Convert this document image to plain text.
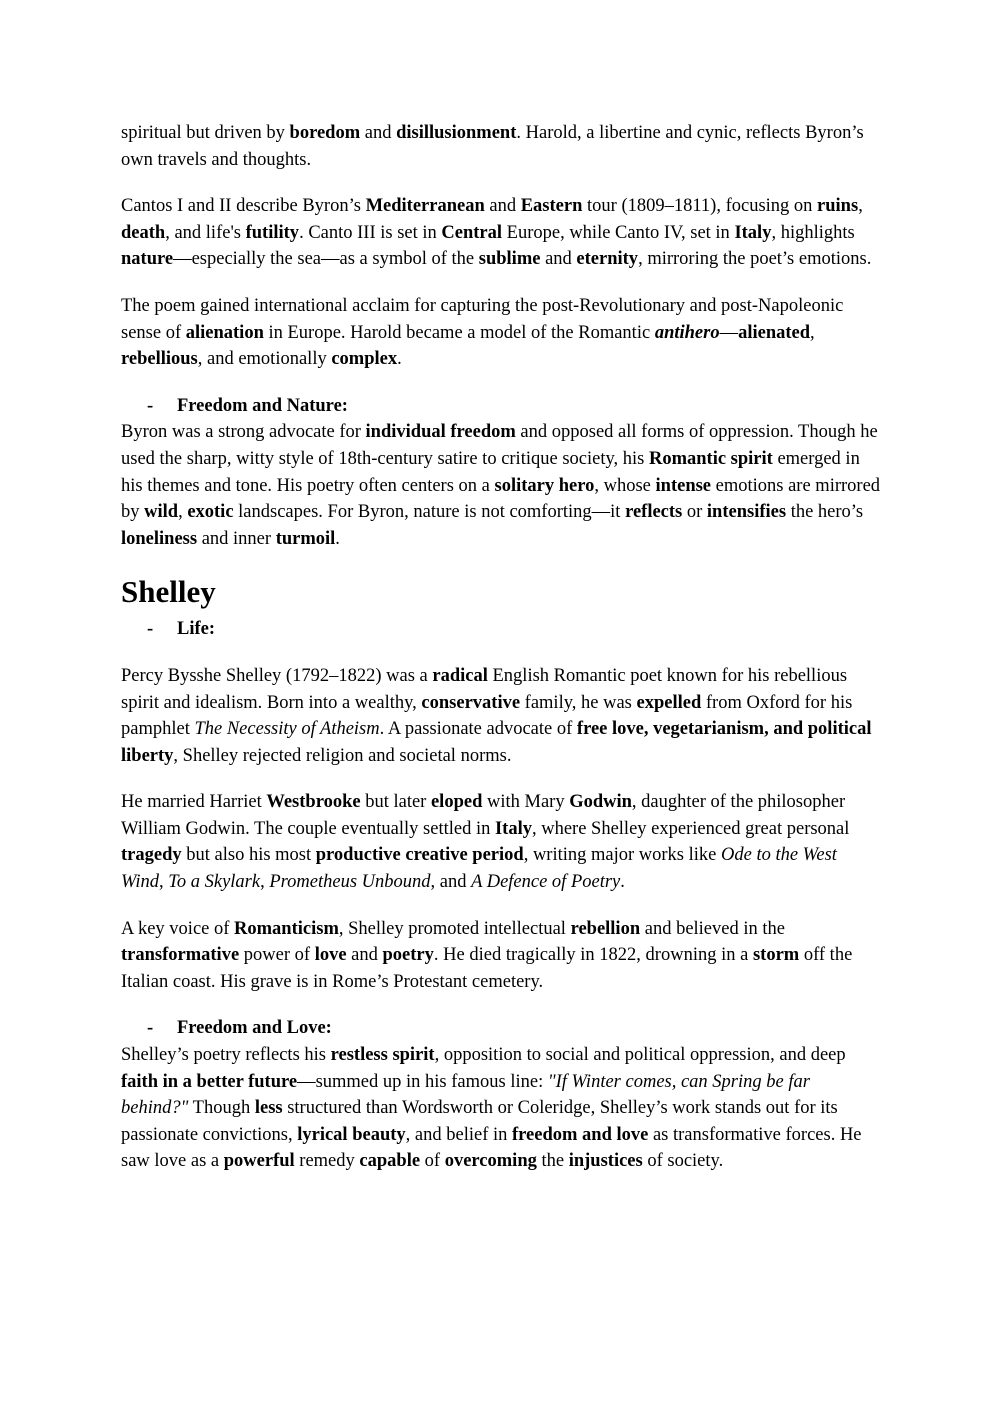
spiritual but driven by boredom and disillusionment. Harold, a libertine and cynic, reflects Byron’s own travels and thoughts.

Cantos I and II describe Byron’s Mediterranean and Eastern tour (1809–1811), focusing on ruins, death, and life's futility. Canto III is set in Central Europe, while Canto IV, set in Italy, highlights nature—especially the sea—as a symbol of the sublime and eternity, mirroring the poet’s emotions.

The poem gained international acclaim for capturing the post-Revolutionary and post-Napoleonic sense of alienation in Europe. Harold became a model of the Romantic antihero—alienated, rebellious, and emotionally complex.

- Freedom and Nature:

Byron was a strong advocate for individual freedom and opposed all forms of oppression. Though he used the sharp, witty style of 18th-century satire to critique society, his Romantic spirit emerged in his themes and tone. His poetry often centers on a solitary hero, whose intense emotions are mirrored by wild, exotic landscapes. For Byron, nature is not comforting—it reflects or intensifies the hero’s loneliness and inner turmoil.

Shelley
- Life:

Percy Bysshe Shelley (1792–1822) was a radical English Romantic poet known for his rebellious spirit and idealism. Born into a wealthy, conservative family, he was expelled from Oxford for his pamphlet The Necessity of Atheism. A passionate advocate of free love, vegetarianism, and political liberty, Shelley rejected religion and societal norms.

He married Harriet Westbrooke but later eloped with Mary Godwin, daughter of the philosopher William Godwin. The couple eventually settled in Italy, where Shelley experienced great personal tragedy but also his most productive creative period, writing major works like Ode to the West Wind, To a Skylark, Prometheus Unbound, and A Defence of Poetry.

A key voice of Romanticism, Shelley promoted intellectual rebellion and believed in the transformative power of love and poetry. He died tragically in 1822, drowning in a storm off the Italian coast. His grave is in Rome’s Protestant cemetery.

- Freedom and Love:

Shelley’s poetry reflects his restless spirit, opposition to social and political oppression, and deep faith in a better future—summed up in his famous line: "If Winter comes, can Spring be far behind?" Though less structured than Wordsworth or Coleridge, Shelley’s work stands out for its passionate convictions, lyrical beauty, and belief in freedom and love as transformative forces. He saw love as a powerful remedy capable of overcoming the injustices of society.
